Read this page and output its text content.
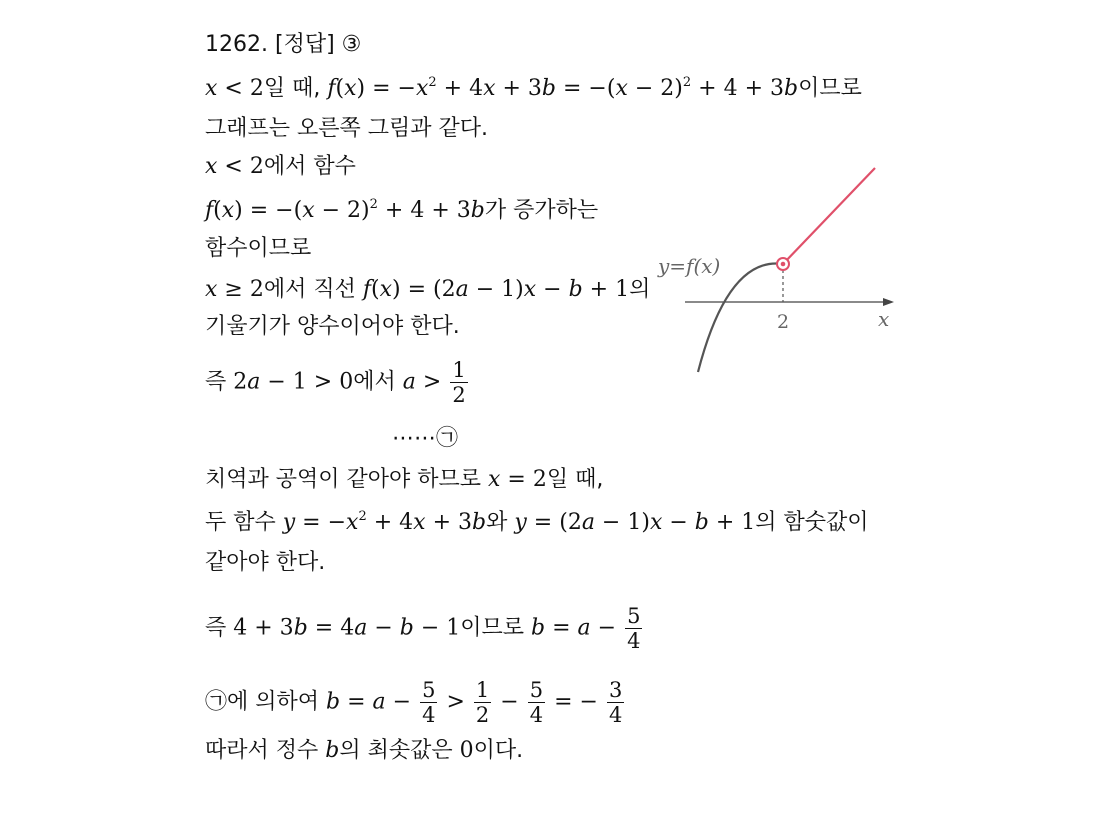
1262. [정답] ③
x < 2일 때, $f(x) = -x^2 + 4x + 3b = -(x - 2)^2 + 4 + 3b$이므로
그래프는 오른쪽 그림과 같다.
x < 2에서 함수
$f(x) = -(x - 2)^2 + 4 + 3b$가 증가하는
함수이므로
x ≥ 2에서 직선 f(x) = (2a − 1)x − b + 1의
기울기가 양수이어야 한다.
즉 2a − 1 > 0에서 $a > \frac{1}{2}$
⋯⋯㉠
치역과 공역이 같아야 하므로 x = 2일 때,
두 함수 $y = -x^2 + 4x + 3b$와 y = (2a − 1)x − b + 1의 함숫값이
같아야 한다.
즉 4 + 3b = 4a − b − 1이므로 $b = a - \frac{5}{4}$
㉠에 의하여 $b = a - \frac{5}{4} > \frac{1}{2} - \frac{5}{4}$ = − $\frac{3}{4}$
따라서 정수 b의 최솟값은 0이다.
y=f(x)
2	x
